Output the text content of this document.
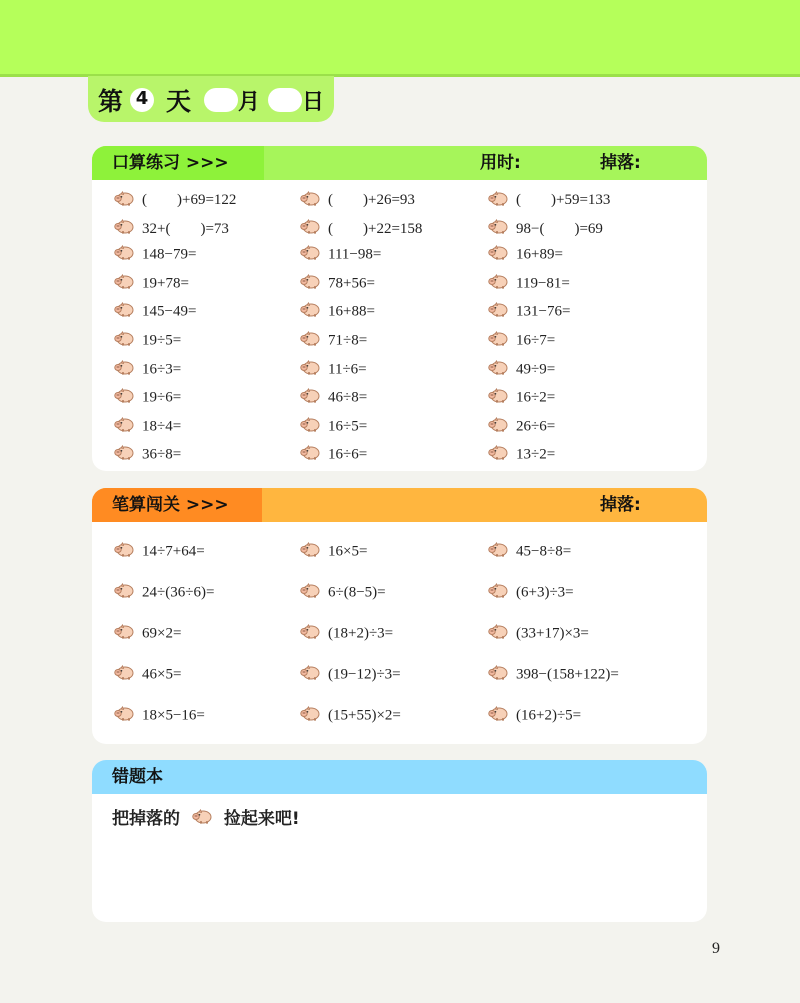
第 4 天 月 日
口算练习 >>>	用时:	掉落:
(　　)+69=122	(　　)+26=93	(　　)+59=133
32+(　　)=73	(　　)+22=158	98−(　　)=69
148−79=	111−98=	16+89=
19+78=	78+56=	119−81=
145−49=	16+88=	131−76=
19÷5=	71÷8=	16÷7=
16÷3=	11÷6=	49÷9=
19÷6=	46÷8=	16÷2=
18÷4=	16÷5=	26÷6=
36÷8=	16÷6=	13÷2=
笔算闯关 >>>	掉落:
14÷7+64=	16×5=	45−8÷8=
24÷(36÷6)=	6÷(8−5)=	(6+3)÷3=
69×2=	(18+2)÷3=	(33+17)×3=
46×5=	(19−12)÷3=	398−(158+122)=
18×5−16=	(15+55)×2=	(16+2)÷5=
错题本
把掉落的	捡起来吧!
9
